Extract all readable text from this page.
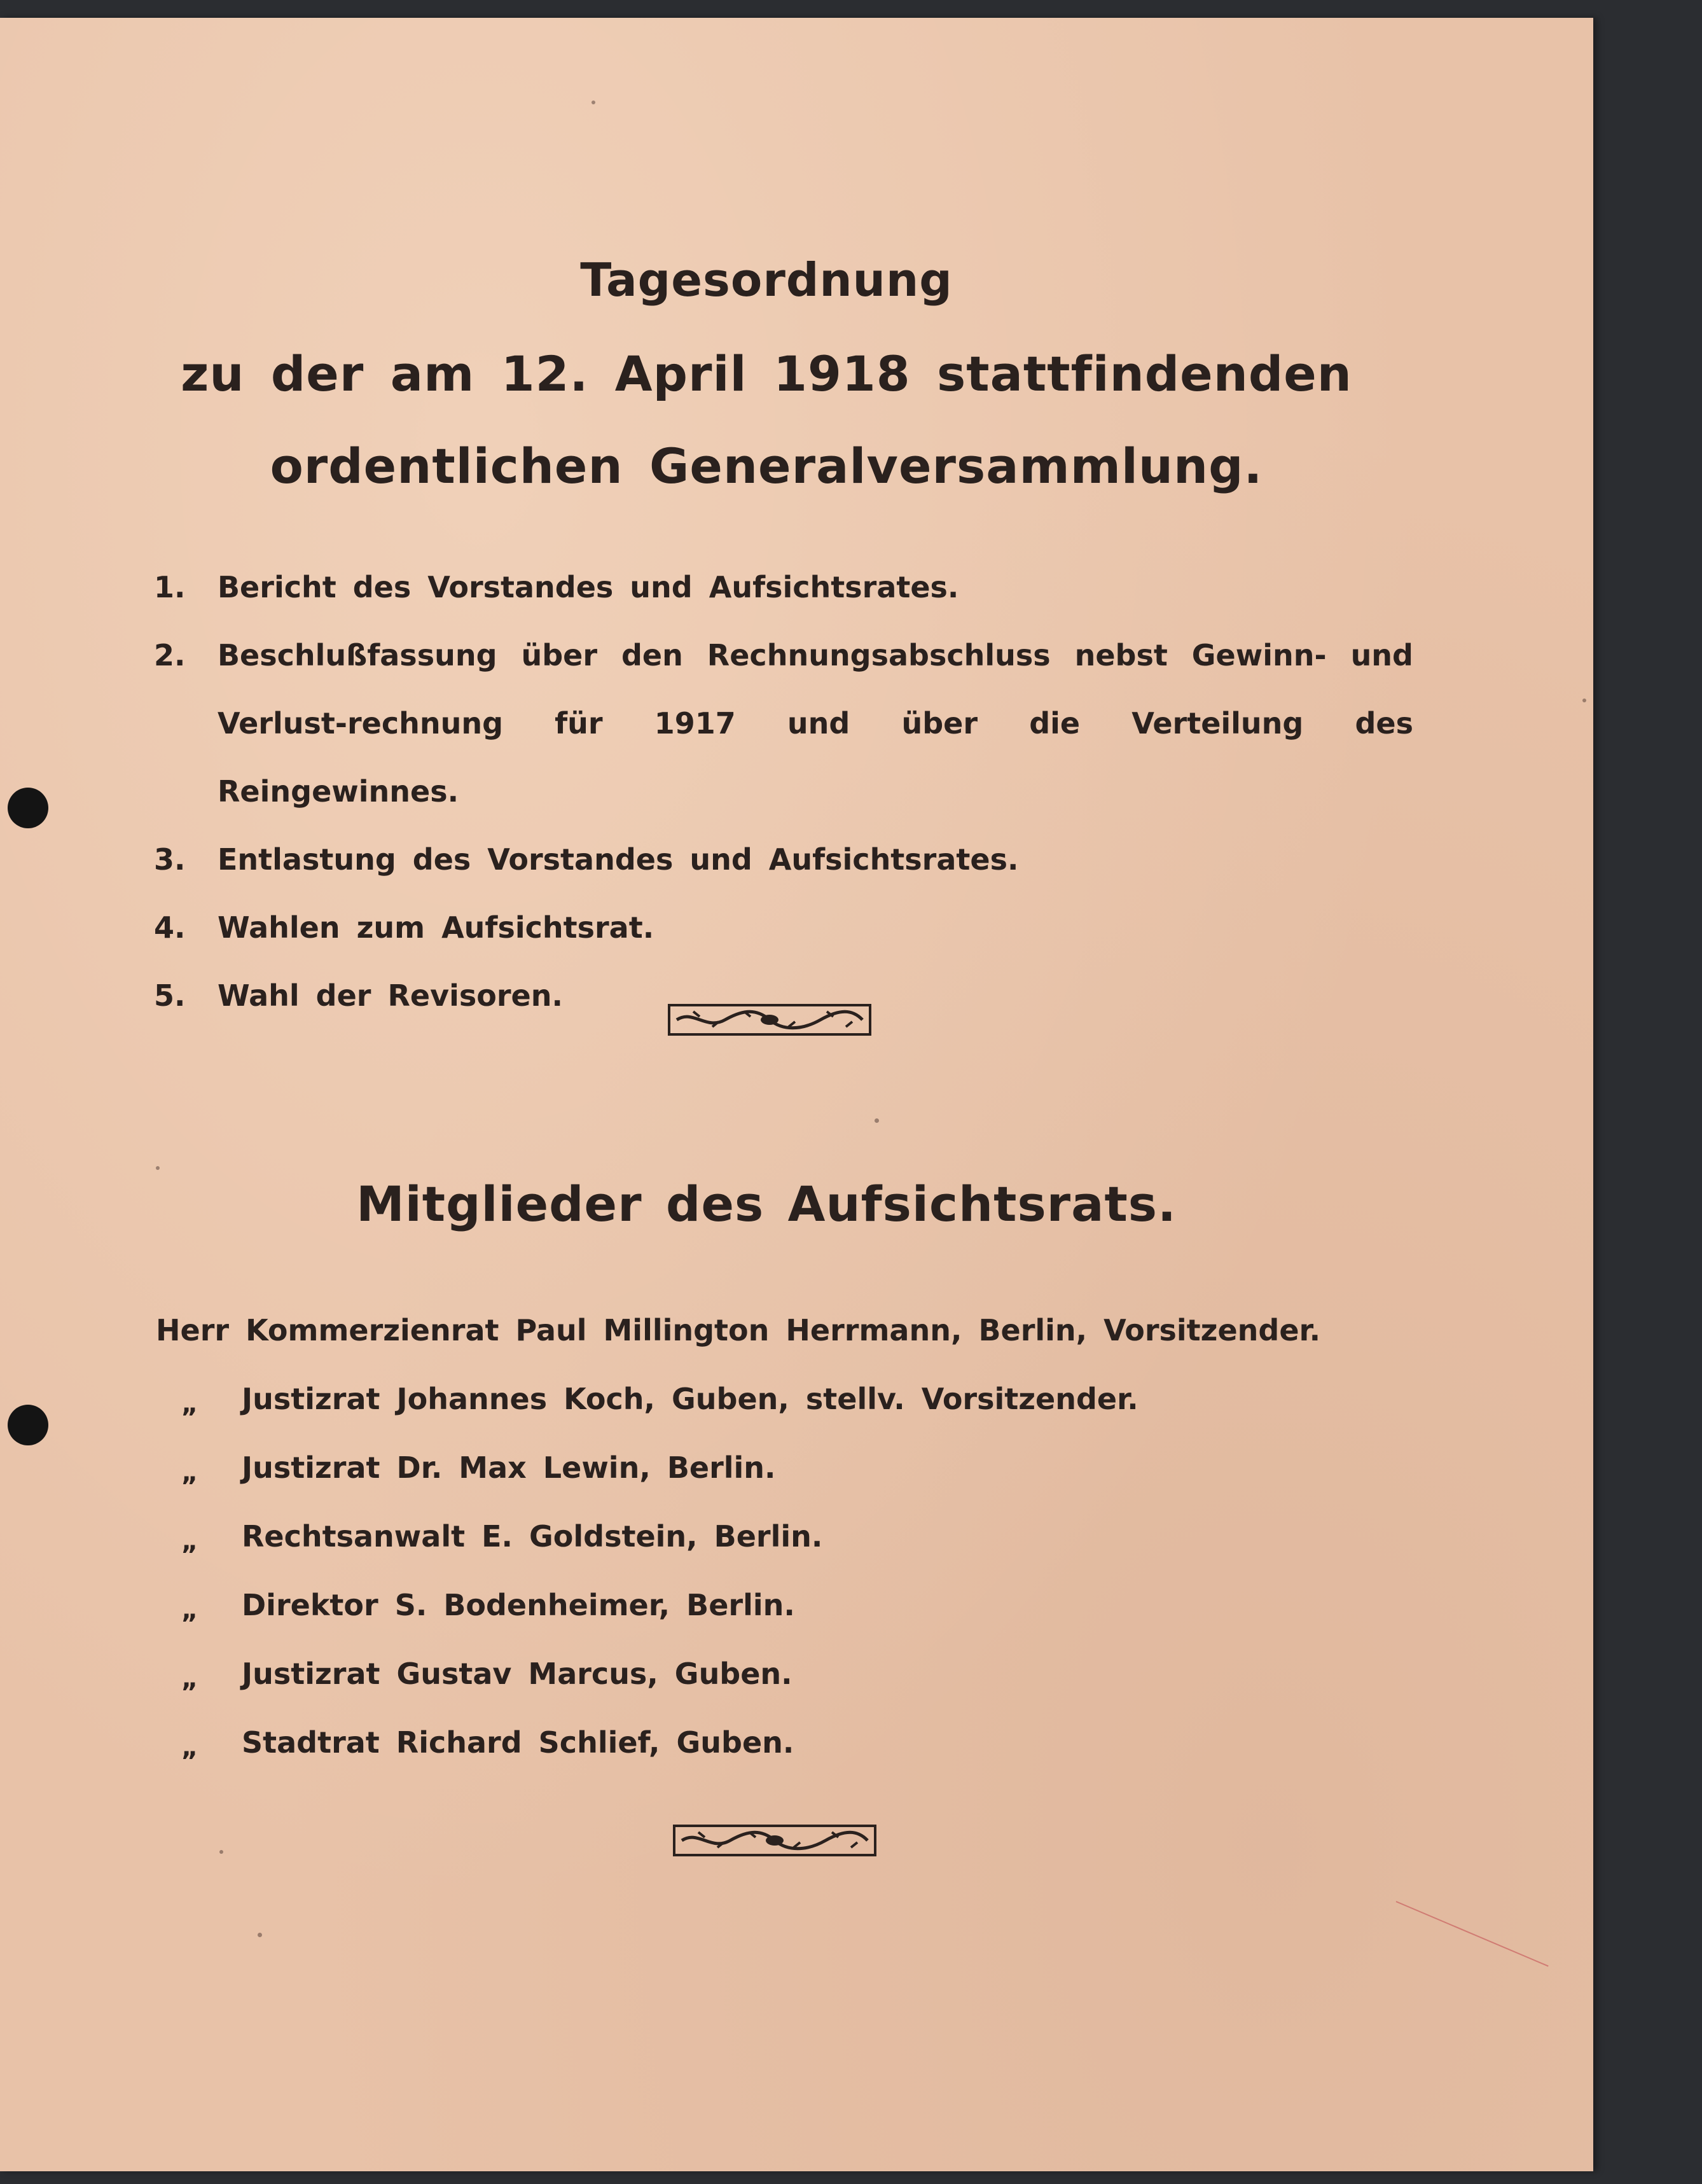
Tagesordnung
zu der am 12. April 1918 stattfindenden
ordentlichen Generalversammlung.
1. Bericht des Vorstandes und Aufsichtsrates.
2. Beschlußfassung über den Rechnungsabschluss nebst Gewinn- und Verlust-rechnung für 1917 und über die Verteilung des Reingewinnes.
3. Entlastung des Vorstandes und Aufsichtsrates.
4. Wahlen zum Aufsichtsrat.
5. Wahl der Revisoren.
Mitglieder des Aufsichtsrats.
Herr Kommerzienrat Paul Millington Herrmann, Berlin, Vorsitzender.
„ Justizrat Johannes Koch, Guben, stellv. Vorsitzender.
„ Justizrat Dr. Max Lewin, Berlin.
„ Rechtsanwalt E. Goldstein, Berlin.
„ Direktor S. Bodenheimer, Berlin.
„ Justizrat Gustav Marcus, Guben.
„ Stadtrat Richard Schlief, Guben.
